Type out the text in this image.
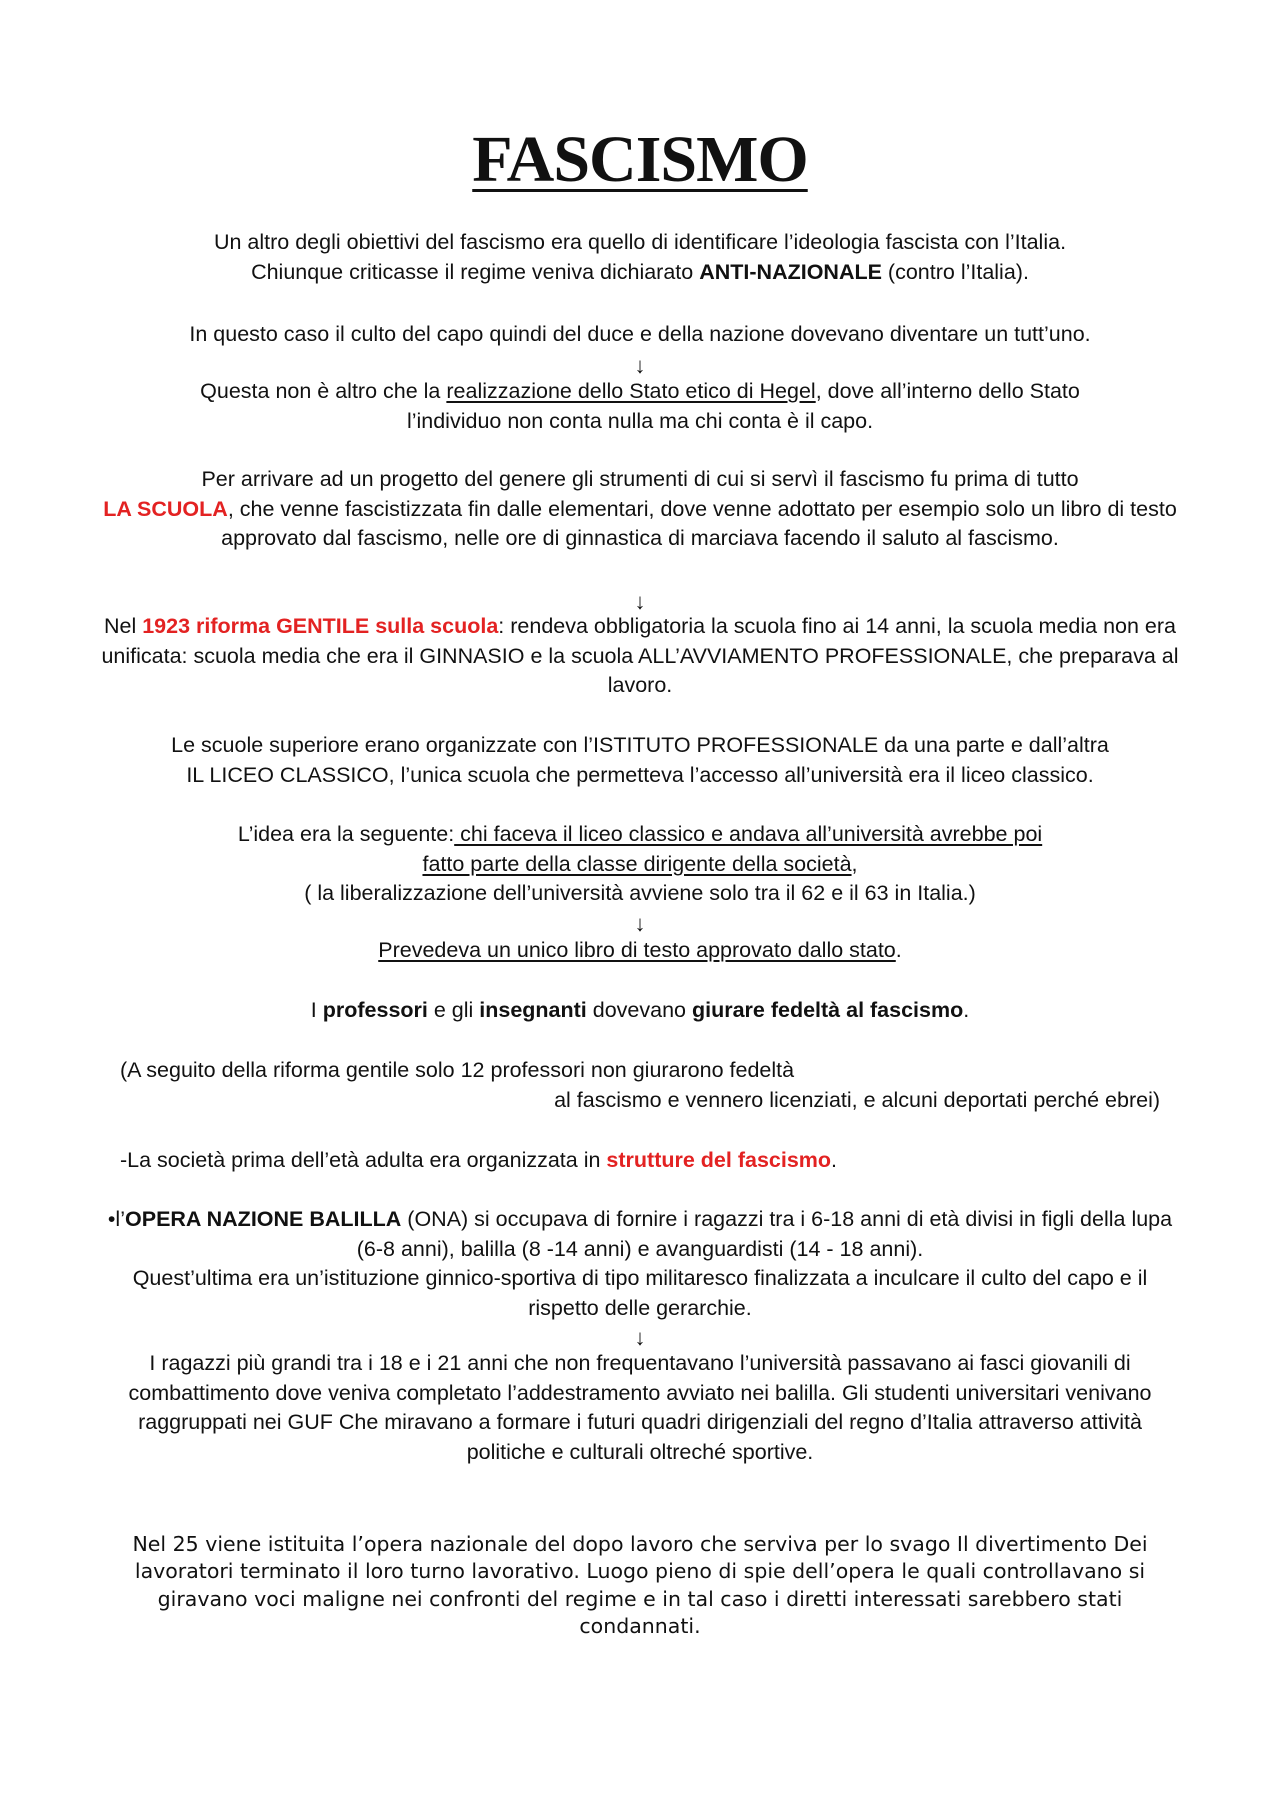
FASCISMO

Un altro degli obiettivi del fascismo era quello di identificare l’ideologia fascista con l’Italia.
Chiunque criticasse il regime veniva dichiarato ANTI-NAZIONALE (contro l’Italia).

In questo caso il culto del capo quindi del duce e della nazione dovevano diventare un tutt’uno.

↓

Questa non è altro che la realizzazione dello Stato etico di Hegel, dove all’interno dello Stato
l’individuo non conta nulla ma chi conta è il capo.

Per arrivare ad un progetto del genere gli strumenti di cui si servì il fascismo fu prima di tutto
LA SCUOLA, che venne fascistizzata fin dalle elementari, dove venne adottato per esempio solo un libro di testo approvato dal fascismo, nelle ore di ginnastica di marciava facendo il saluto al fascismo.

↓

Nel 1923 riforma GENTILE sulla scuola: rendeva obbligatoria la scuola fino ai 14 anni, la scuola media non era unificata: scuola media che era il GINNASIO e la scuola ALL’AVVIAMENTO PROFESSIONALE, che preparava al lavoro.

Le scuole superiore erano organizzate con l’ISTITUTO PROFESSIONALE da una parte e dall’altra
IL LICEO CLASSICO, l’unica scuola che permetteva l’accesso all’università era il liceo classico.

L’idea era la seguente: chi faceva il liceo classico e andava all’università avrebbe poi
fatto parte della classe dirigente della società,
( la liberalizzazione dell’università avviene solo tra il 62 e il 63 in Italia.)

↓

Prevedeva un unico libro di testo approvato dallo stato.

I professori e gli insegnanti dovevano giurare fedeltà al fascismo.

(A seguito della riforma gentile solo 12 professori non giurarono fedeltà

al fascismo e vennero licenziati, e alcuni deportati perché ebrei)

-La società prima dell’età adulta era organizzata in strutture del fascismo.

•l’OPERA NAZIONE BALILLA (ONA) si occupava di fornire i ragazzi tra i 6-18 anni di età divisi in figli della lupa (6-8 anni), balilla (8 -14 anni) e avanguardisti (14 - 18 anni).
Quest’ultima era un’istituzione ginnico-sportiva di tipo militaresco finalizzata a inculcare il culto del capo e il rispetto delle gerarchie.

↓

I ragazzi più grandi tra i 18 e i 21 anni che non frequentavano l’università passavano ai fasci giovanili di combattimento dove veniva completato l’addestramento avviato nei balilla. Gli studenti universitari venivano raggruppati nei GUF Che miravano a formare i futuri quadri dirigenziali del regno d’Italia attraverso attività politiche e culturali oltreché sportive.

Nel 25 viene istituita l’opera nazionale del dopo lavoro che serviva per lo svago Il divertimento Dei lavoratori terminato il loro turno lavorativo. Luogo pieno di spie dell’opera le quali controllavano si giravano voci maligne nei confronti del regime e in tal caso i diretti interessati sarebbero stati condannati.
